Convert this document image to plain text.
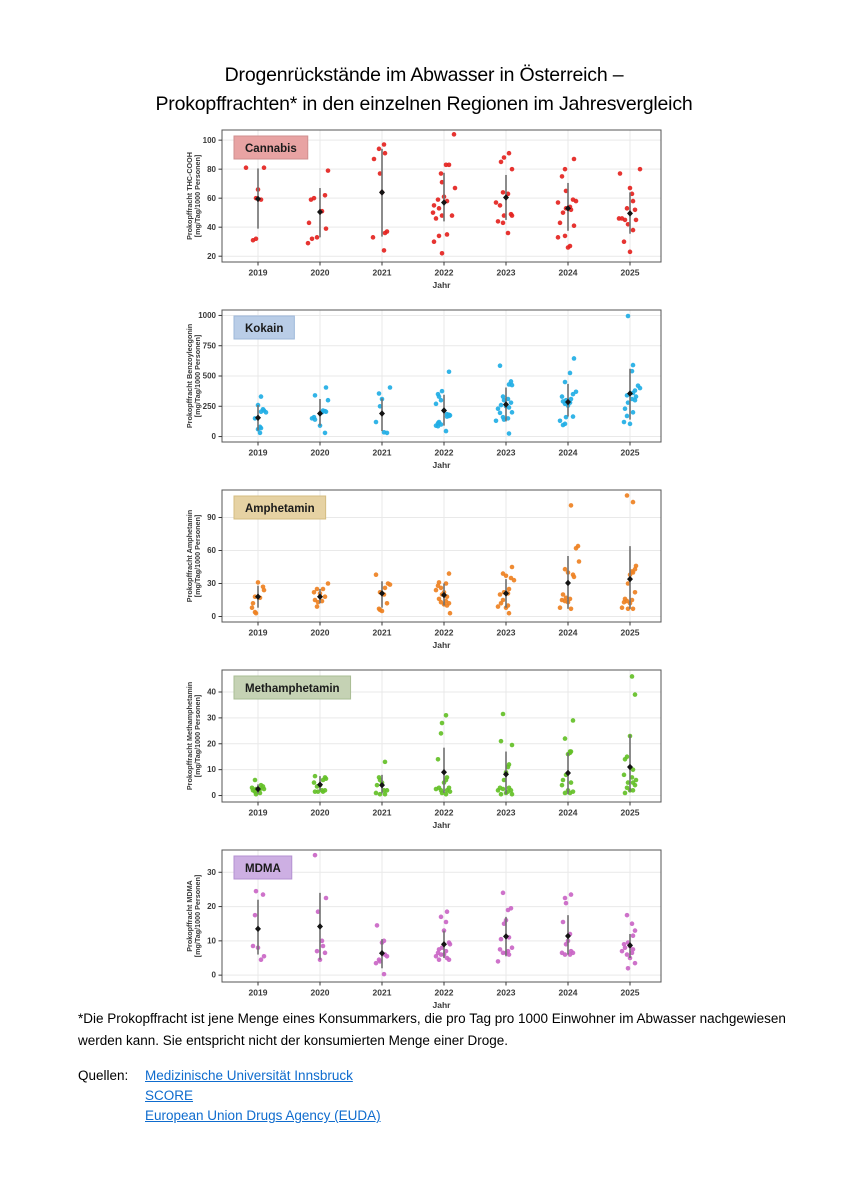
Drogenrückstände im Abwasser in Österreich –
Prokopffrachten* in den einzelnen Regionen im Jahresvergleich
20
40
60
80
100
2019	2020	2021	2022	2023	2024	2025
Jahr
Prokopffracht THC-COOH[mg/Tag/1000 Personen]
Cannabis
0
250
500
750
1000
2019	2020	2021	2022	2023	2024	2025
Jahr
Prokopffracht Benzoylecgonin[mg/Tag/1000 Personen]
Kokain
0
30
60
90
2019	2020	2021	2022	2023	2024	2025
Jahr
Prokopffracht Amphetamin[mg/Tag/1000 Personen]
Amphetamin
0
10
20
30
40
2019	2020	2021	2022	2023	2024	2025
Jahr
Prokopffracht Methamphetamin[mg/Tag/1000 Personen]
Methamphetamin
0
10
20
30
2019	2020	2021	2022	2023	2024	2025
Jahr
Prokopffracht MDMA[mg/Tag/1000 Personen]
MDMA

*Die Prokopffracht ist jene Menge eines Konsummarkers, die pro Tag pro 1000 Einwohner im Abwasser nachgewiesen werden kann. Sie entspricht nicht der konsumierten Menge einer Droge.

Quellen:	Medizinische Universität Innsbruck
SCORE
European Union Drugs Agency (EUDA)
